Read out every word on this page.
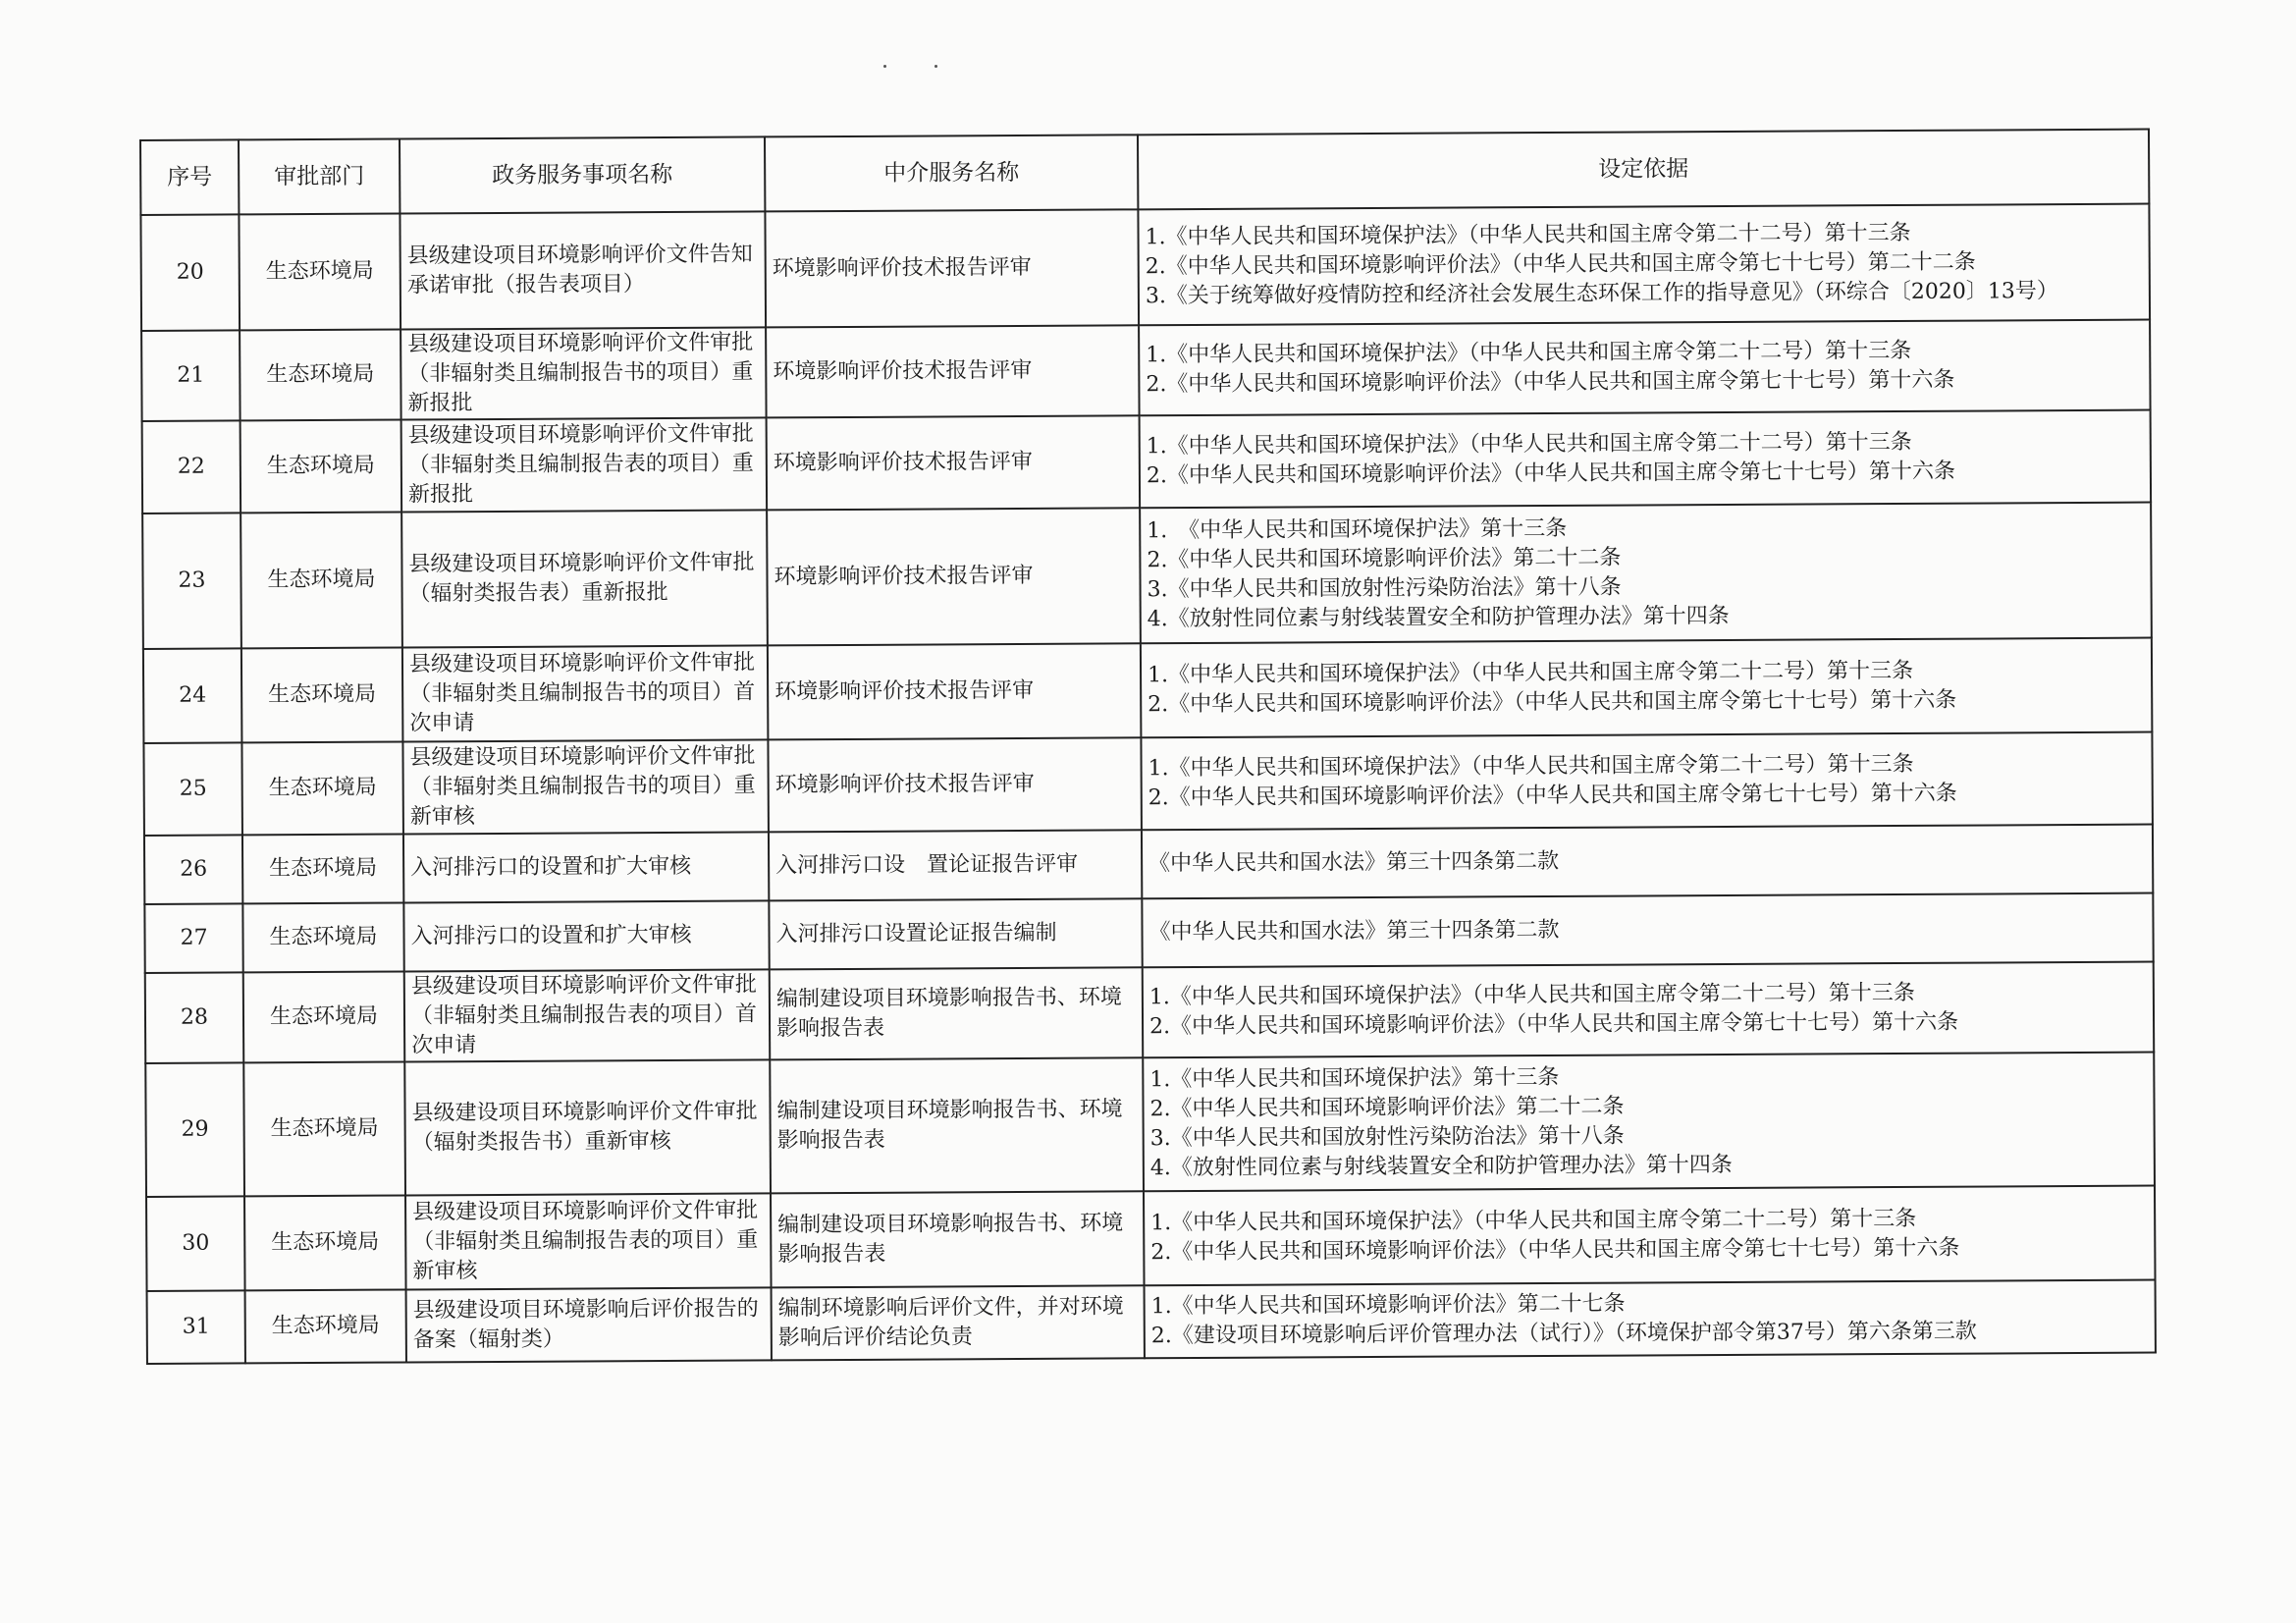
序号	审批部门	政务服务事项名称	中介服务名称	设定依据
20	生态环境局	县级建设项目环境影响评价文件告知承诺审批（报告表项目）	环境影响评价技术报告评审	1.《中华人民共和国环境保护法》（中华人民共和国主席令第二十二号）第十三条
2.《中华人民共和国环境影响评价法》（中华人民共和国主席令第七十七号）第二十二条
3.《关于统筹做好疫情防控和经济社会发展生态环保工作的指导意见》（环综合〔2020〕13号）

21	生态环境局	县级建设项目环境影响评价文件审批（非辐射类且编制报告书的项目）重新报批	环境影响评价技术报告评审	1.《中华人民共和国环境保护法》（中华人民共和国主席令第二十二号）第十三条
2.《中华人民共和国环境影响评价法》（中华人民共和国主席令第七十七号）第十六条

22	生态环境局	县级建设项目环境影响评价文件审批（非辐射类且编制报告表的项目）重新报批	环境影响评价技术报告评审	1.《中华人民共和国环境保护法》（中华人民共和国主席令第二十二号）第十三条
2.《中华人民共和国环境影响评价法》（中华人民共和国主席令第七十七号）第十六条

23	生态环境局	县级建设项目环境影响评价文件审批（辐射类报告表）重新报批	环境影响评价技术报告评审	1.　《中华人民共和国环境保护法》第十三条
2.《中华人民共和国环境影响评价法》第二十二条
3.《中华人民共和国放射性污染防治法》第十八条
4.《放射性同位素与射线装置安全和防护管理办法》第十四条

24	生态环境局	县级建设项目环境影响评价文件审批（非辐射类且编制报告书的项目）首次申请	环境影响评价技术报告评审	1.《中华人民共和国环境保护法》（中华人民共和国主席令第二十二号）第十三条
2.《中华人民共和国环境影响评价法》（中华人民共和国主席令第七十七号）第十六条

25	生态环境局	县级建设项目环境影响评价文件审批（非辐射类且编制报告书的项目）重新审核	环境影响评价技术报告评审	1.《中华人民共和国环境保护法》（中华人民共和国主席令第二十二号）第十三条
2.《中华人民共和国环境影响评价法》（中华人民共和国主席令第七十七号）第十六条

26	生态环境局	入河排污口的设置和扩大审核	入河排污口设　置论证报告评审	《中华人民共和国水法》第三十四条第二款

27	生态环境局	入河排污口的设置和扩大审核	入河排污口设置论证报告编制	《中华人民共和国水法》第三十四条第二款

28	生态环境局	县级建设项目环境影响评价文件审批（非辐射类且编制报告表的项目）首次申请	编制建设项目环境影响报告书、环境影响报告表	1.《中华人民共和国环境保护法》（中华人民共和国主席令第二十二号）第十三条
2.《中华人民共和国环境影响评价法》（中华人民共和国主席令第七十七号）第十六条

29	生态环境局	县级建设项目环境影响评价文件审批（辐射类报告书）重新审核	编制建设项目环境影响报告书、环境影响报告表	1.《中华人民共和国环境保护法》第十三条
2.《中华人民共和国环境影响评价法》第二十二条
3.《中华人民共和国放射性污染防治法》第十八条
4.《放射性同位素与射线装置安全和防护管理办法》第十四条

30	生态环境局	县级建设项目环境影响评价文件审批（非辐射类且编制报告表的项目）重新审核	编制建设项目环境影响报告书、环境影响报告表	1.《中华人民共和国环境保护法》（中华人民共和国主席令第二十二号）第十三条
2.《中华人民共和国环境影响评价法》（中华人民共和国主席令第七十七号）第十六条

31	生态环境局	县级建设项目环境影响后评价报告的备案（辐射类）	编制环境影响后评价文件，并对环境影响后评价结论负责	1.《中华人民共和国环境影响评价法》第二十七条
2.《建设项目环境影响后评价管理办法（试行）》（环境保护部令第37号）第六条第三款
